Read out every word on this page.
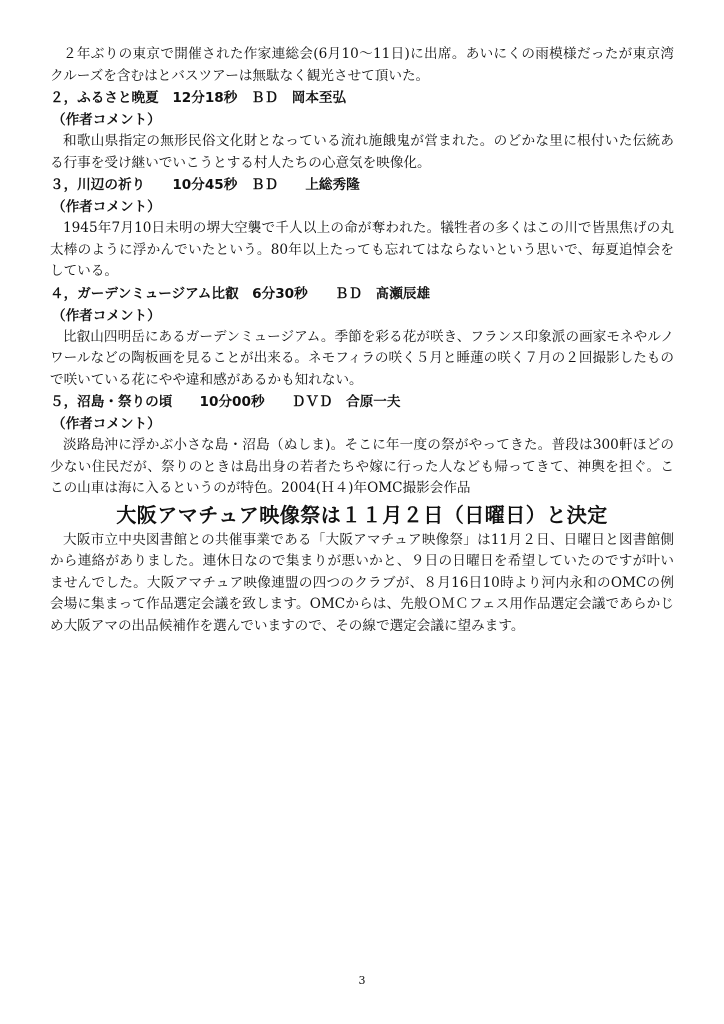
２年ぶりの東京で開催された作家連総会(6月10〜11日)に出席。あいにくの雨模様だったが東京湾クルーズを含むはとバスツアーは無駄なく観光させて頂いた。

２，ふるさと晩夏　12分18秒　ＢＤ　岡本至弘
（作者コメント）

和歌山県指定の無形民俗文化財となっている流れ施餓鬼が営まれた。のどかな里に根付いた伝統ある行事を受け継いでいこうとする村人たちの心意気を映像化。

３，川辺の祈り　　10分45秒　ＢＤ　　上総秀隆
（作者コメント）

1945年7月10日未明の堺大空襲で千人以上の命が奪われた。犠牲者の多くはこの川で皆黒焦げの丸太棒のように浮かんでいたという。80年以上たっても忘れてはならないという思いで、毎夏追悼会をしている。

４，ガーデンミュージアム比叡　6分30秒　　ＢＤ　髙瀬辰雄
（作者コメント）

比叡山四明岳にあるガーデンミュージアム。季節を彩る花が咲き、フランス印象派の画家モネやルノワールなどの陶板画を見ることが出来る。ネモフィラの咲く５月と睡蓮の咲く７月の２回撮影したもので咲いている花にやや違和感があるかも知れない。

５，沼島・祭りの頃　　10分00秒　　ＤＶＤ　合原一夫
（作者コメント）

淡路島沖に浮かぶ小さな島・沼島（ぬしま)。そこに年一度の祭がやってきた。普段は300軒ほどの少ない住民だが、祭りのときは島出身の若者たちや嫁に行った人なども帰ってきて、神輿を担ぐ。ここの山車は海に入るというのが特色。2004(Ｈ４)年OMC撮影会作品

大阪アマチュア映像祭は１１月２日（日曜日）と決定

大阪市立中央図書館との共催事業である「大阪アマチュア映像祭」は11月２日、日曜日と図書館側から連絡がありました。連休日なので集まりが悪いかと、９日の日曜日を希望していたのですが叶いませんでした。大阪アマチュア映像連盟の四つのクラブが、８月16日10時より河内永和のOMCの例会場に集まって作品選定会議を致します。OMCからは、先般ＯＭＣフェス用作品選定会議であらかじめ大阪アマの出品候補作を選んでいますので、その線で選定会議に望みます。

3
